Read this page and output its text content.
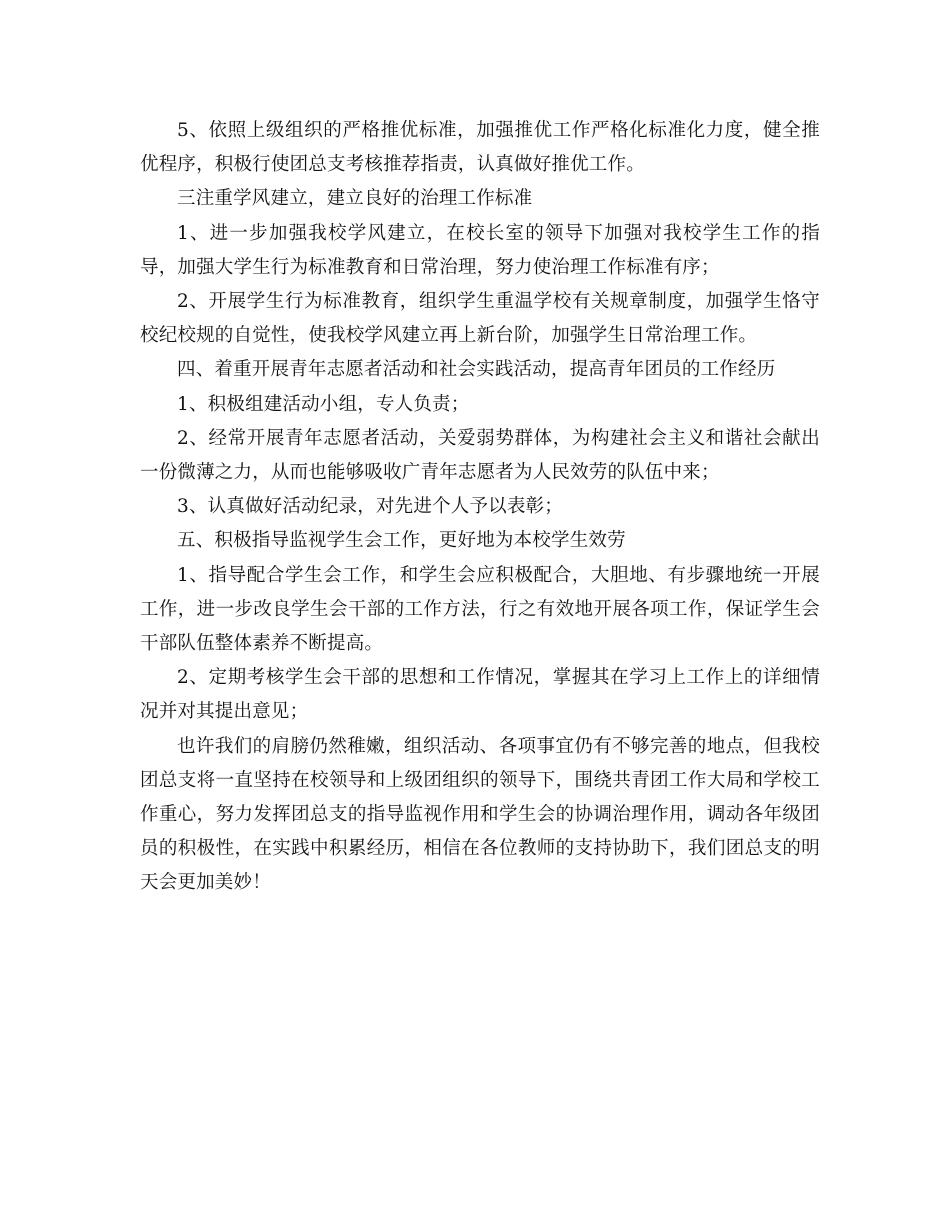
5、依照上级组织的严格推优标准，加强推优工作严格化标准化力度，健全推优程序，积极行使团总支考核推荐指责，认真做好推优工作。

三注重学风建立，建立良好的治理工作标准

1、进一步加强我校学风建立，在校长室的领导下加强对我校学生工作的指导，加强大学生行为标准教育和日常治理，努力使治理工作标准有序；

2、开展学生行为标准教育，组织学生重温学校有关规章制度，加强学生恪守校纪校规的自觉性，使我校学风建立再上新台阶，加强学生日常治理工作。

四、着重开展青年志愿者活动和社会实践活动，提高青年团员的工作经历

1、积极组建活动小组，专人负责；

2、经常开展青年志愿者活动，关爱弱势群体，为构建社会主义和谐社会献出一份微薄之力，从而也能够吸收广青年志愿者为人民效劳的队伍中来；

3、认真做好活动纪录，对先进个人予以表彰；

五、积极指导监视学生会工作，更好地为本校学生效劳

1、指导配合学生会工作，和学生会应积极配合，大胆地、有步骤地统一开展工作，进一步改良学生会干部的工作方法，行之有效地开展各项工作，保证学生会干部队伍整体素养不断提高。

2、定期考核学生会干部的思想和工作情况，掌握其在学习上工作上的详细情况并对其提出意见；

也许我们的肩膀仍然稚嫩，组织活动、各项事宜仍有不够完善的地点，但我校团总支将一直坚持在校领导和上级团组织的领导下，围绕共青团工作大局和学校工作重心，努力发挥团总支的指导监视作用和学生会的协调治理作用，调动各年级团员的积极性，在实践中积累经历，相信在各位教师的支持协助下，我们团总支的明天会更加美妙！
